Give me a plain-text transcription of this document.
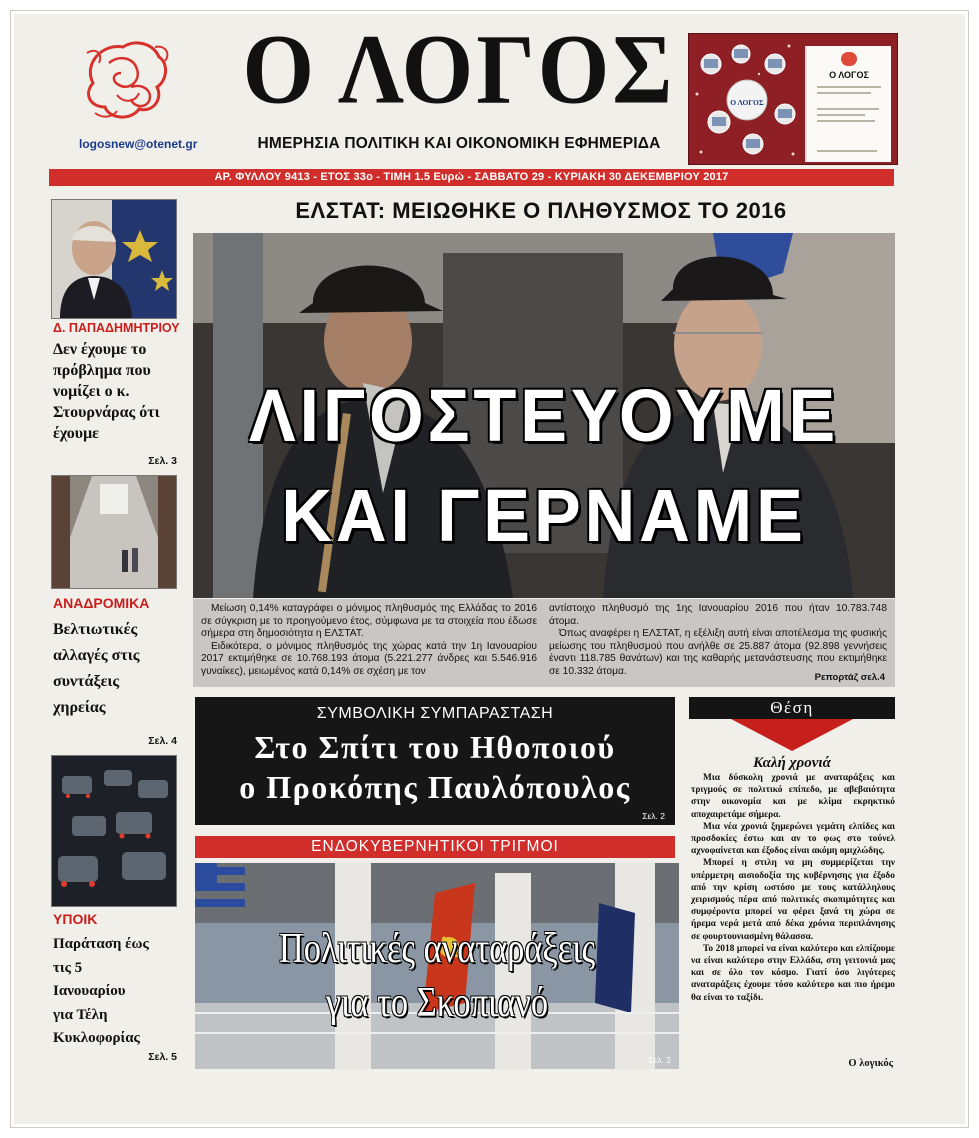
logosnew@otenet.gr
Ο ΛΟΓΟΣ
ΗΜΕΡΗΣΙΑ ΠΟΛΙΤΙΚΗ ΚΑΙ ΟΙΚΟΝΟΜΙΚΗ ΕΦΗΜΕΡΙΔΑ
Ο ΛΟΓΟΣ
Ο ΛΟΓΟΣ
ΑΡ. ΦΥΛΛΟΥ 9413 - ΕΤΟΣ 33ο - ΤΙΜΗ 1.5 Ευρώ - ΣΑΒΒΑΤΟ 29 - ΚΥΡΙΑΚΗ 30 ΔΕΚΕΜΒΡΙΟΥ 2017
Δ. ΠΑΠΑΔΗΜΗΤΡΙΟΥ
Δεν έχουμε το πρόβλημα που νομίζει ο κ. Στουρνάρας ότι έχουμε
Σελ. 3
ΑΝΑΔΡΟΜΙΚΑ
Βελτιωτικές αλλαγές στις συντάξεις χηρείας
Σελ. 4
ΥΠΟΙΚ
Παράταση έως τις 5 Ιανουαρίου για Τέλη Κυκλοφορίας
Σελ. 5
ΕΛΣΤΑΤ: ΜΕΙΩΘΗΚΕ Ο ΠΛΗΘΥΣΜΟΣ ΤΟ 2016
ΛΙΓΟΣΤΕΥΟΥΜΕ
ΚΑΙ ΓΕΡΝΑΜΕ

Μείωση 0,14% καταγράφει ο μόνιμος πληθυσμός της Ελλάδας το 2016 σε σύγκριση με το προηγούμενο έτος, σύμφωνα με τα στοιχεία που έδωσε σήμερα στη δημοσιότητα η ΕΛΣΤΑΤ.

Ειδικότερα, ο μόνιμος πληθυσμός της χώρας κατά την 1η Ιανουαρίου 2017 εκτιμήθηκε σε 10.768.193 άτομα (5.221.277 άνδρες και 5.546.916 γυναίκες), μειωμένος κατά 0,14% σε σχέση με τον

αντίστοιχο πληθυσμό της 1ης Ιανουαρίου 2016 που ήταν 10.783.748 άτομα.

Όπως αναφέρει η ΕΛΣΤΑΤ, η εξέλιξη αυτή είναι αποτέλεσμα της φυσικής μείωσης του πληθυσμού που ανήλθε σε 25.887 άτομα (92.898 γεννήσεις έναντι 118.785 θανάτων) και της καθαρής μετανάστευσης που εκτιμήθηκε σε 10.332 άτομα.

Ρεπορτάζ σελ.4
ΣΥΜΒΟΛΙΚΗ ΣΥΜΠΑΡΑΣΤΑΣΗ
Στο Σπίτι του Ηθοποιού
ο Προκόπης Παυλόπουλος
Σελ. 2
ΕΝΔΟΚΥΒΕΡΝΗΤΙΚΟΙ ΤΡΙΓΜΟΙ
Πολιτικές αναταράξεις
για το Σκοπιανό
Σελ. 2
Θέση
Καλή χρονιά

Μια δύσκολη χρονιά με αναταράξεις και τριγμούς σε πολιτικό επίπεδο, με αβεβαιότητα στην οικονομία και με κλίμα εκρηκτικό αποχαιρετάμε σήμερα.

Μια νέα χρονιά ξημερώνει γεμάτη ελπίδες και προσδοκίες έστω και αν το φως στο τούνελ αχνοφαίνεται και έξοδος είναι ακόμη ομιχλώδης.

Μπορεί η στιλη να μη συμμερίζεται την υπέρμετρη αισιοδοξία της κυβέρνησης για έξοδο από την κρίση ωστόσο με τους κατάλληλους χειρισμούς πέρα από πολιτικές σκοπιμότητες και συμφέροντα μπορεί να φέρει ξανά τη χώρα σε ήρεμα νερά μετά από δέκα χρόνια περιπλάνησης σε φουρτουνιασμένη θάλασσα.

Το 2018 μπορεί να είναι καλύτερο και ελπίζουμε να είναι καλύτερο στην Ελλάδα, στη γειτονιά μας και σε όλο τον κόσμο. Γιατί όσο λιγότερες αναταράξεις έχουμε τόσο καλύτερο και πιο ήρεμο θα είναι το ταξίδι.

Ο λογικός
